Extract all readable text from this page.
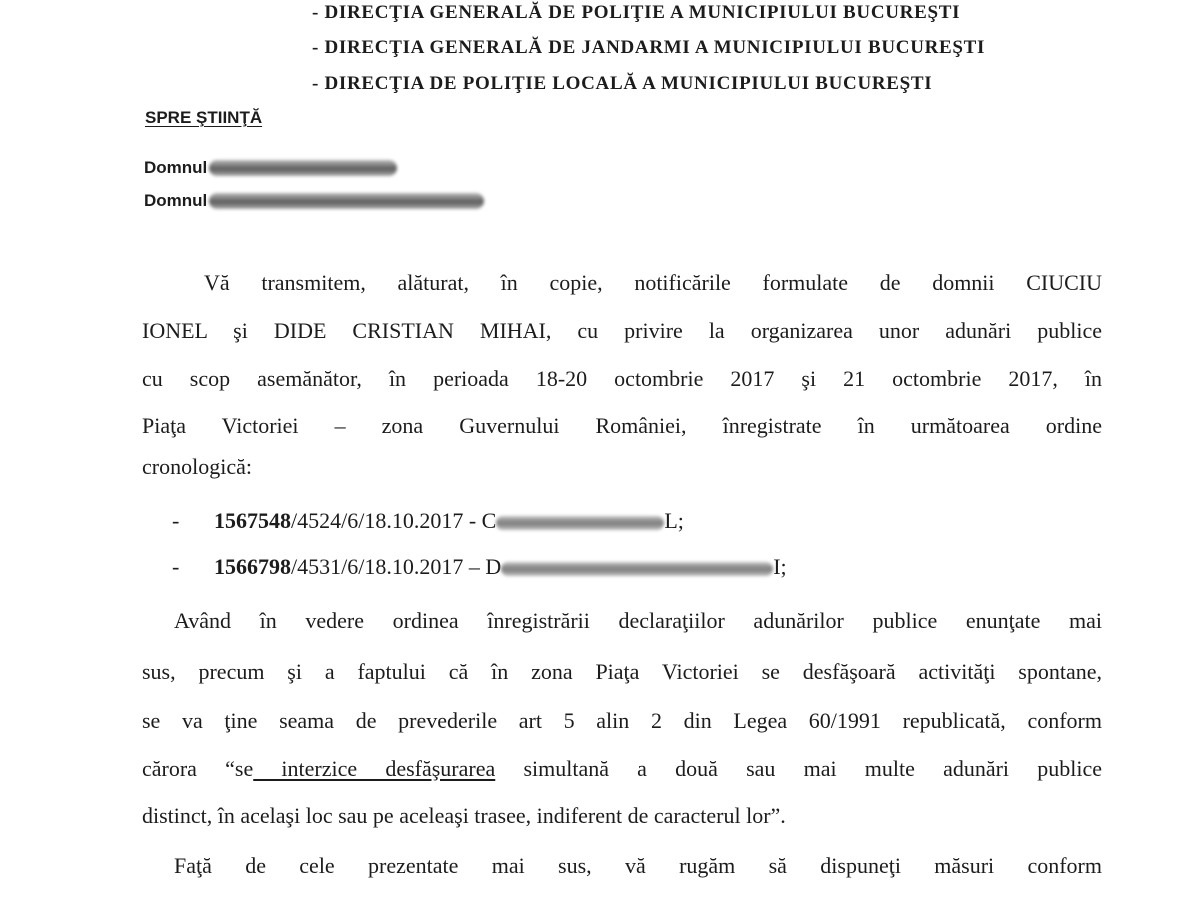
- DIRECŢIA GENERALĂ DE POLIŢIE A MUNICIPIULUI BUCUREŞTI
- DIRECŢIA GENERALĂ DE JANDARMI A MUNICIPIULUI BUCUREŞTI
- DIRECŢIA DE POLIŢIE LOCALĂ A MUNICIPIULUI BUCUREŞTI
SPRE ŞTIINŢĂ
Domnul
Domnul
Vă transmitem, alăturat, în copie, notificările formulate de domnii CIUCIU
IONEL şi DIDE CRISTIAN MIHAI, cu privire la organizarea unor adunări publice
cu scop asemănător, în perioada 18-20 octombrie 2017 şi 21 octombrie 2017, în
Piaţa Victoriei – zona Guvernului României, înregistrate în următoarea ordine
cronologică:
- 1567548/4524/6/18.10.2017 - C	L;
- 1566798/4531/6/18.10.2017 – D	I;
Având în vedere ordinea înregistrării declaraţiilor adunărilor publice enunţate mai
sus, precum şi a faptului că în zona Piaţa Victoriei se desfăşoară activităţi spontane,
se va ţine seama de prevederile art 5 alin 2 din Legea 60/1991 republicată, conform
cărora “se interzice desfăşurarea simultană a două sau mai multe adunări publice
distinct, în acelaşi loc sau pe aceleaşi trasee, indiferent de caracterul lor”.
Faţă de cele prezentate mai sus, vă rugăm să dispuneţi măsuri conform
